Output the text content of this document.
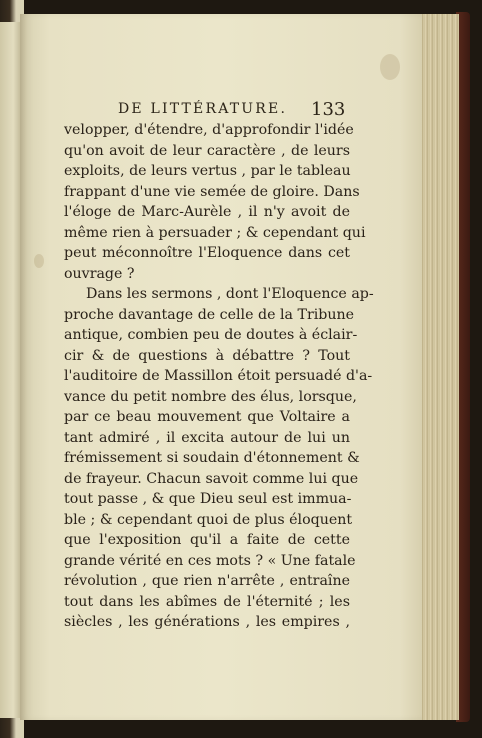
DE LITTÉRATURE.	133
velopper, d'étendre, d'approfondir l'idée
qu'on avoit de leur caractère , de leurs
exploits, de leurs vertus , par le tableau
frappant d'une vie semée de gloire. Dans
l'éloge de Marc-Aurèle , il n'y avoit de
même rien à persuader ; & cependant qui
peut méconnoître l'Eloquence dans cet
ouvrage ?
Dans les sermons , dont l'Eloquence ap-
proche davantage de celle de la Tribune
antique, combien peu de doutes à éclair-
cir & de questions à débattre ? Tout
l'auditoire de Massillon étoit persuadé d'a-
vance du petit nombre des élus, lorsque,
par ce beau mouvement que Voltaire a
tant admiré , il excita autour de lui un
frémissement si soudain d'étonnement &
de frayeur. Chacun savoit comme lui que
tout passe , & que Dieu seul est immua-
ble ; & cependant quoi de plus éloquent
que l'exposition qu'il a faite de cette
grande vérité en ces mots ? « Une fatale
révolution , que rien n'arrête , entraîne
tout dans les abîmes de l'éternité ; les
siècles , les générations , les empires ,
